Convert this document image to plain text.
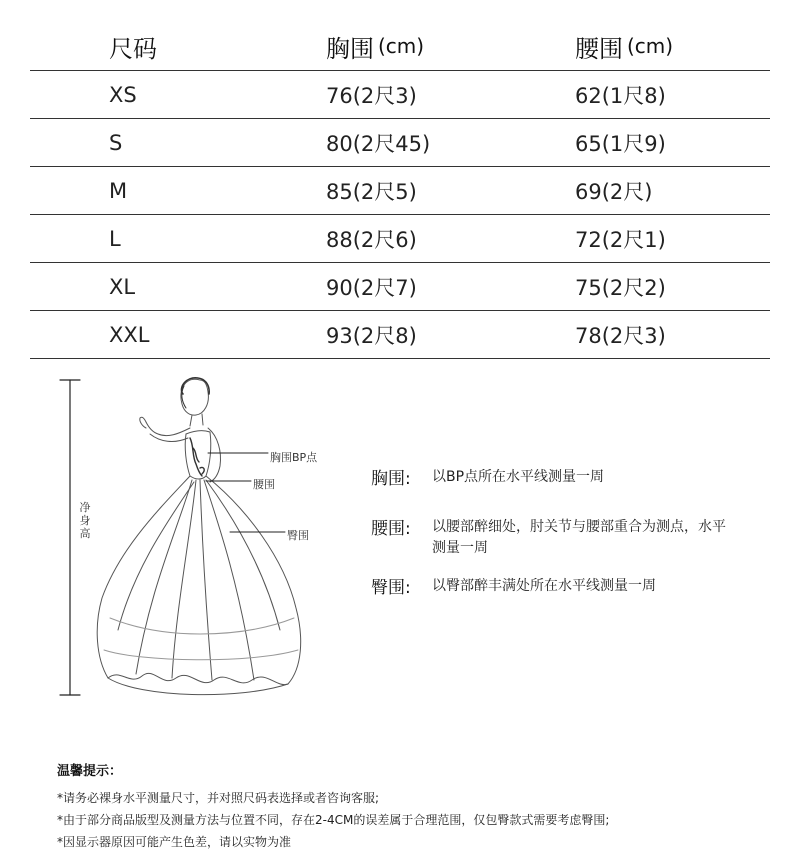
尺码	胸围 (cm)	腰围 (cm)
XS	76(2尺3)	62(1尺8)
S	80(2尺45)	65(1尺9)
M	85(2尺5)	69(2尺)
L	88(2尺6)	72(2尺1)
XL	90(2尺7)	75(2尺2)
XXL	93(2尺8)	78(2尺3)
净身高
胸围BP点
腰围
臀围
胸围: 以BP点所在水平线测量一周
腰围: 以腰部醉细处，肘关节与腰部重合为测点，水平测量一周
臀围: 以臀部醉丰满处所在水平线测量一周
温馨提示：
*请务必裸身水平测量尺寸，并对照尺码表选择或者咨询客服;
*由于部分商品版型及测量方法与位置不同，存在2-4CM的误差属于合理范围，仅包臀款式需要考虑臀围;
*因显示器原因可能产生色差，请以实物为准
